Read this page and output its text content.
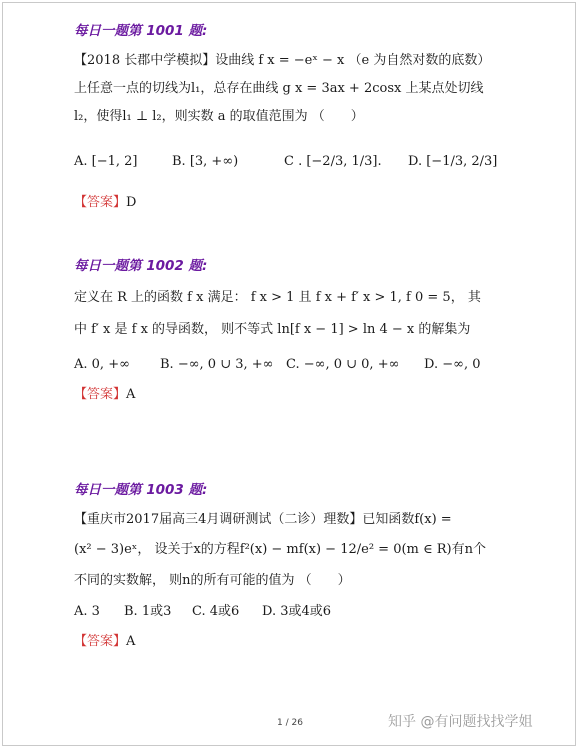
每日一题第 1001 题:
【2018 长郡中学模拟】设曲线 f x = −eˣ − x （e 为自然对数的底数）
上任意一点的切线为l₁，总存在曲线 g x = 3ax + 2cosx 上某点处切线
l₂，使得l₁ ⊥ l₂，则实数 a 的取值范围为 （　　）
A. [−1, 2]	B. [3, +∞)	C . [−2/3, 1/3]. D. [−1/3, 2/3]
【答案】D
每日一题第 1002 题:
定义在 R 上的函数 f x 满足： f x > 1 且 f x + f′ x > 1, f 0 = 5， 其
中 f′ x 是 f x 的导函数， 则不等式 ln[f x − 1] > ln 4 − x 的解集为
A. 0, +∞ B. −∞, 0 ∪ 3, +∞ C. −∞, 0 ∪ 0, +∞ D. −∞, 0
【答案】A
每日一题第 1003 题:
【重庆市2017届高三4月调研测试（二诊）理数】已知函数f(x) =
(x² − 3)eˣ， 设关于x的方程f²(x) − mf(x) − 12/e² = 0(m ∈ R)有n个
不同的实数解， 则n的所有可能的值为 （　　）
A. 3 B. 1或3 C. 4或6 D. 3或4或6
【答案】A
1 / 26	知乎 @有问题找找学姐
